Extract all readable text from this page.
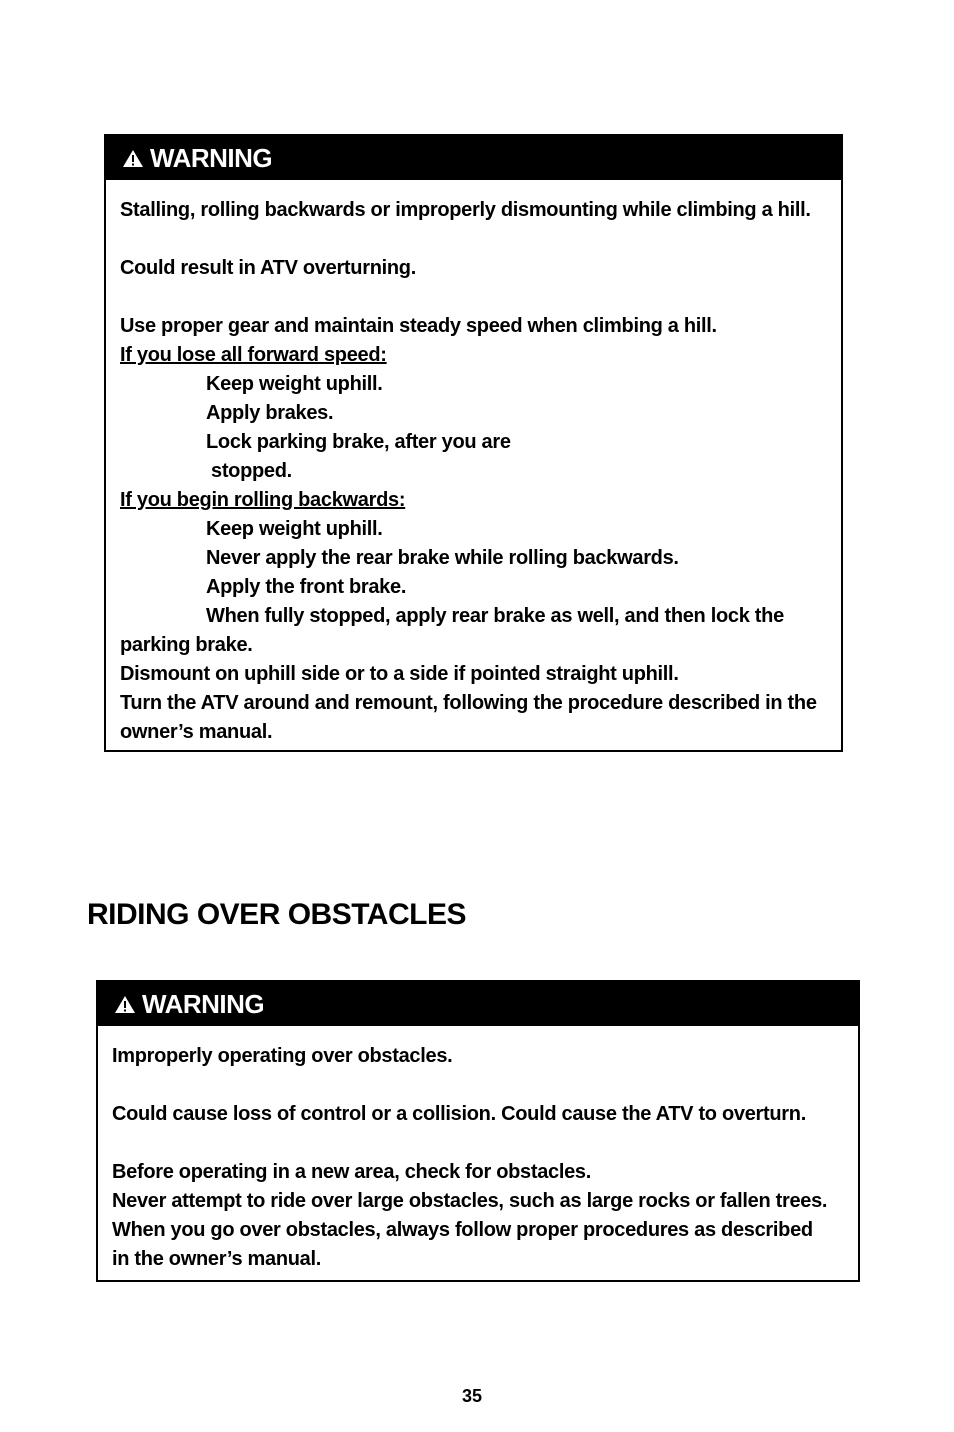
WARNING
Stalling, rolling backwards or improperly dismounting while climbing a hill.
Could result in ATV overturning.
Use proper gear and maintain steady speed when climbing a hill.
If you lose all forward speed:
Keep weight uphill.
Apply brakes.
Lock parking brake, after you are
stopped.
If you begin rolling backwards:
Keep weight uphill.
Never apply the rear brake while rolling backwards.
Apply the front brake.
When fully stopped, apply rear brake as well, and then lock the
parking brake.
Dismount on uphill side or to a side if pointed straight uphill.
Turn the ATV around and remount, following the procedure described in the
owner’s manual.
RIDING OVER OBSTACLES
WARNING
Improperly operating over obstacles.
Could cause loss of control or a collision. Could cause the ATV to overturn.
Before operating in a new area, check for obstacles.
Never attempt to ride over large obstacles, such as large rocks or fallen trees.
When you go over obstacles, always follow proper procedures as described
in the owner’s manual.
35
